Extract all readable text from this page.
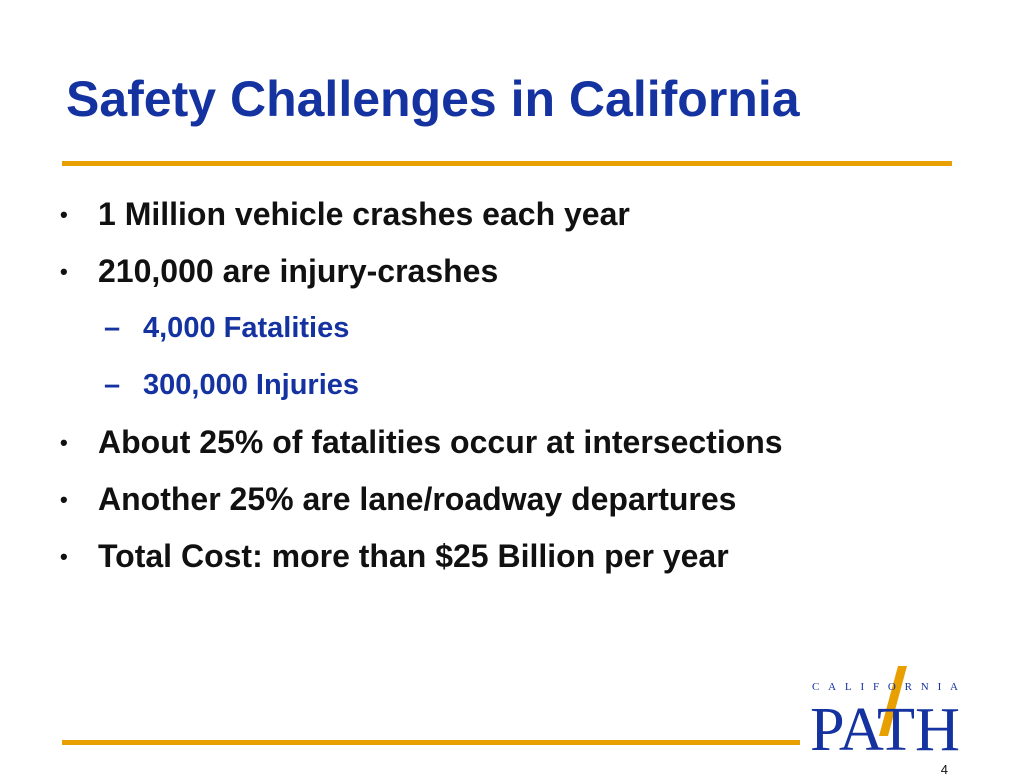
Safety Challenges in California
• 1 Million vehicle crashes each year
• 210,000 are injury-crashes
– 4,000 Fatalities
– 300,000 Injuries
• About 25% of fatalities occur at intersections
• Another 25% are lane/roadway departures
• Total Cost: more than $25 Billion per year
CALIFORNIA
PATH
4
